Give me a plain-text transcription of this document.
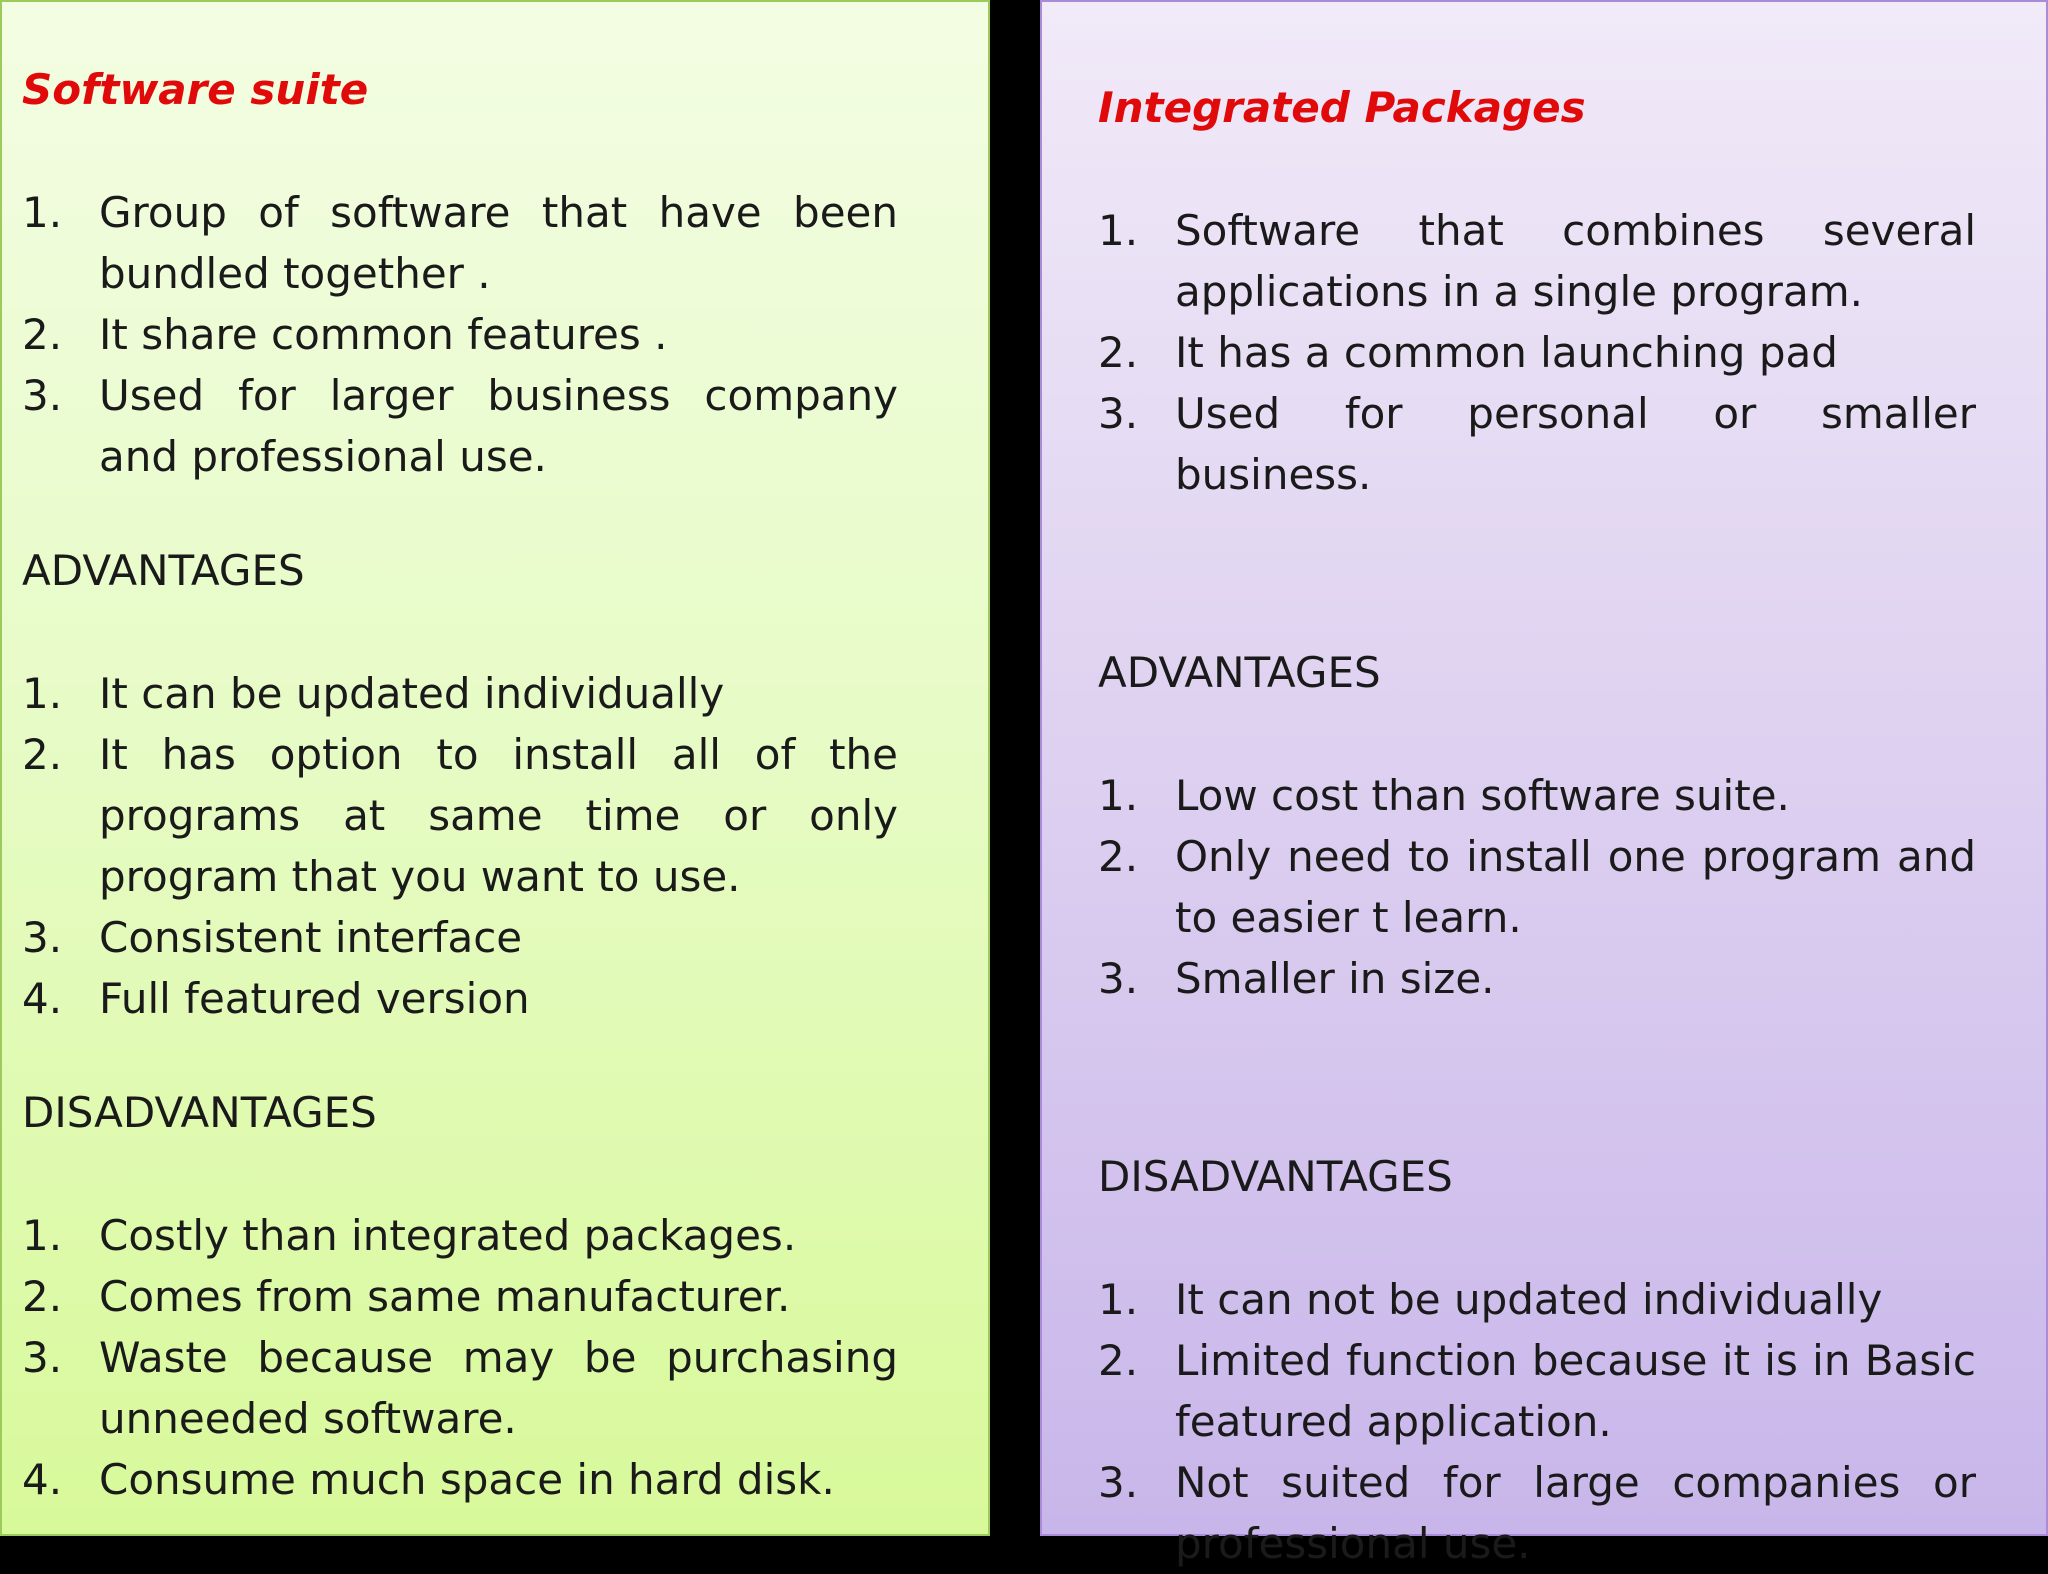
Software suite
1. Group of software that have been bundled together .
2. It share common features .
3. Used for larger business company and professional use.
ADVANTAGES
1. It can be updated individually
2. It has option to install all of the programs at same time or only program that you want to use.
3. Consistent interface
4. Full featured version
DISADVANTAGES
1. Costly than integrated packages.
2. Comes from same manufacturer.
3. Waste because may be purchasing unneeded software.
4. Consume much space in hard disk.
Integrated Packages
1. Software that combines several applications in a single program.
2. It has a common launching pad
3. Used for personal or smaller business.
ADVANTAGES
1. Low cost than software suite.
2. Only need to install one program and to easier t learn.
3. Smaller in size.
DISADVANTAGES
1. It can not be updated individually
2. Limited function because it is in Basic featured application.
3. Not suited for large companies or professional use.
